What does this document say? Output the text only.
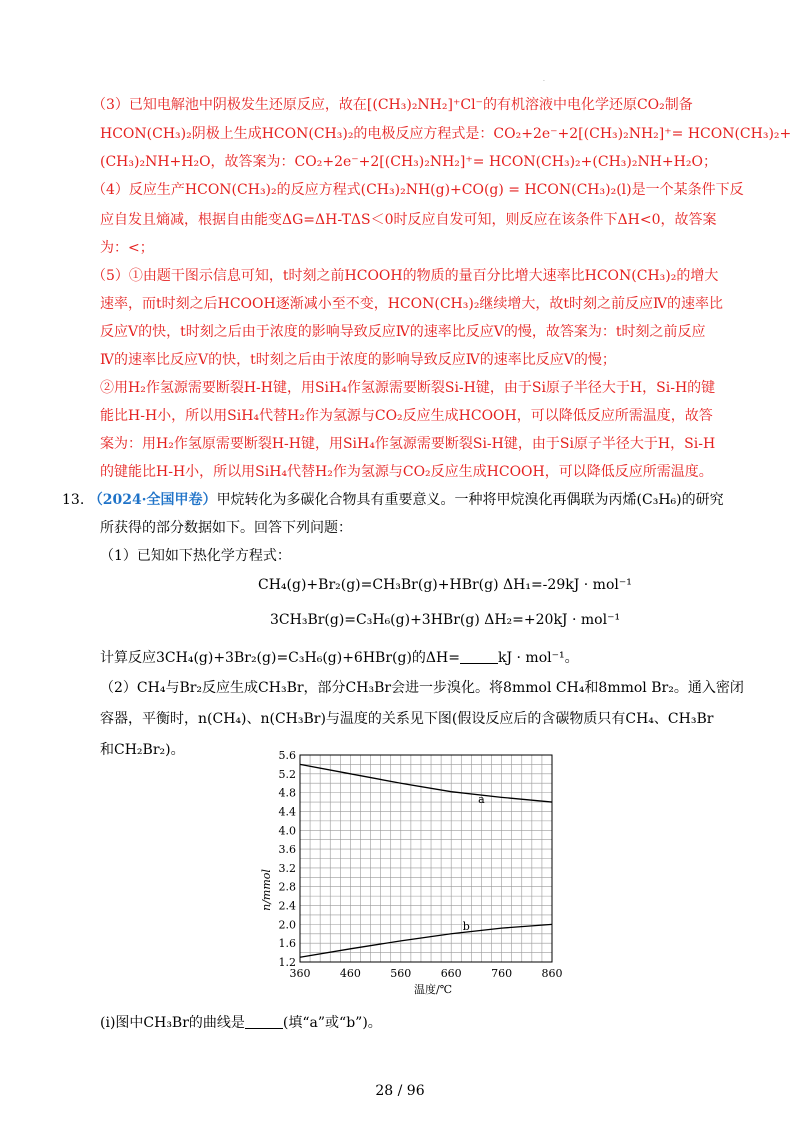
·
（3）已知电解池中阴极发生还原反应，故在[(CH₃)₂NH₂]⁺Cl⁻的有机溶液中电化学还原CO₂制备
HCON(CH₃)₂阴极上生成HCON(CH₃)₂的电极反应方程式是：CO₂+2e⁻+2[(CH₃)₂NH₂]⁺= HCON(CH₃)₂+
(CH₃)₂NH+H₂O，故答案为：CO₂+2e⁻+2[(CH₃)₂NH₂]⁺= HCON(CH₃)₂+(CH₃)₂NH+H₂O；
（4）反应生产HCON(CH₃)₂的反应方程式(CH₃)₂NH(g)+CO(g) = HCON(CH₃)₂(l)是一个某条件下反
应自发且熵减，根据自由能变ΔG=ΔH-TΔS＜0时反应自发可知，则反应在该条件下ΔH<0，故答案
为：<；
（5）①由题干图示信息可知，t时刻之前HCOOH的物质的量百分比增大速率比HCON(CH₃)₂的增大
速率，而t时刻之后HCOOH逐渐减小至不变，HCON(CH₃)₂继续增大，故t时刻之前反应Ⅳ的速率比
反应Ⅴ的快，t时刻之后由于浓度的影响导致反应Ⅳ的速率比反应Ⅴ的慢，故答案为：t时刻之前反应
Ⅳ的速率比反应Ⅴ的快，t时刻之后由于浓度的影响导致反应Ⅳ的速率比反应Ⅴ的慢；
②用H₂作氢源需要断裂H-H键，用SiH₄作氢源需要断裂Si-H键，由于Si原子半径大于H，Si-H的键
能比H-H小，所以用SiH₄代替H₂作为氢源与CO₂反应生成HCOOH，可以降低反应所需温度，故答
案为：用H₂作氢原需要断裂H-H键，用SiH₄作氢源需要断裂Si-H键，由于Si原子半径大于H，Si-H
的键能比H-H小，所以用SiH₄代替H₂作为氢源与CO₂反应生成HCOOH，可以降低反应所需温度。
13. （2024·全国甲卷）甲烷转化为多碳化合物具有重要意义。一种将甲烷溴化再偶联为丙烯(C₃H₆)的研究
所获得的部分数据如下。回答下列问题：
（1）已知如下热化学方程式：
CH₄(g)+Br₂(g)=CH₃Br(g)+HBr(g) ΔH₁=-29kJ · mol⁻¹
3CH₃Br(g)=C₃H₆(g)+3HBr(g) ΔH₂=+20kJ · mol⁻¹
计算反应3CH₄(g)+3Br₂(g)=C₃H₆(g)+6HBr(g)的ΔH=	kJ · mol⁻¹。
（2）CH₄与Br₂反应生成CH₃Br，部分CH₃Br会进一步溴化。将8mmol CH₄和8mmol Br₂。通入密闭
容器，平衡时，n(CH₄)、n(CH₃Br)与温度的关系见下图(假设反应后的含碳物质只有CH₄、CH₃Br
和CH₂Br₂)。
1.2
1.6
2.0
2.4
2.8
3.2
3.6
4.0
4.4
4.8
5.2
5.6
360	460	560	660	760	860
a
b
n/mmol
温度/℃
(i)图中CH₃Br的曲线是	(填“a”或“b”)。
28 / 96
